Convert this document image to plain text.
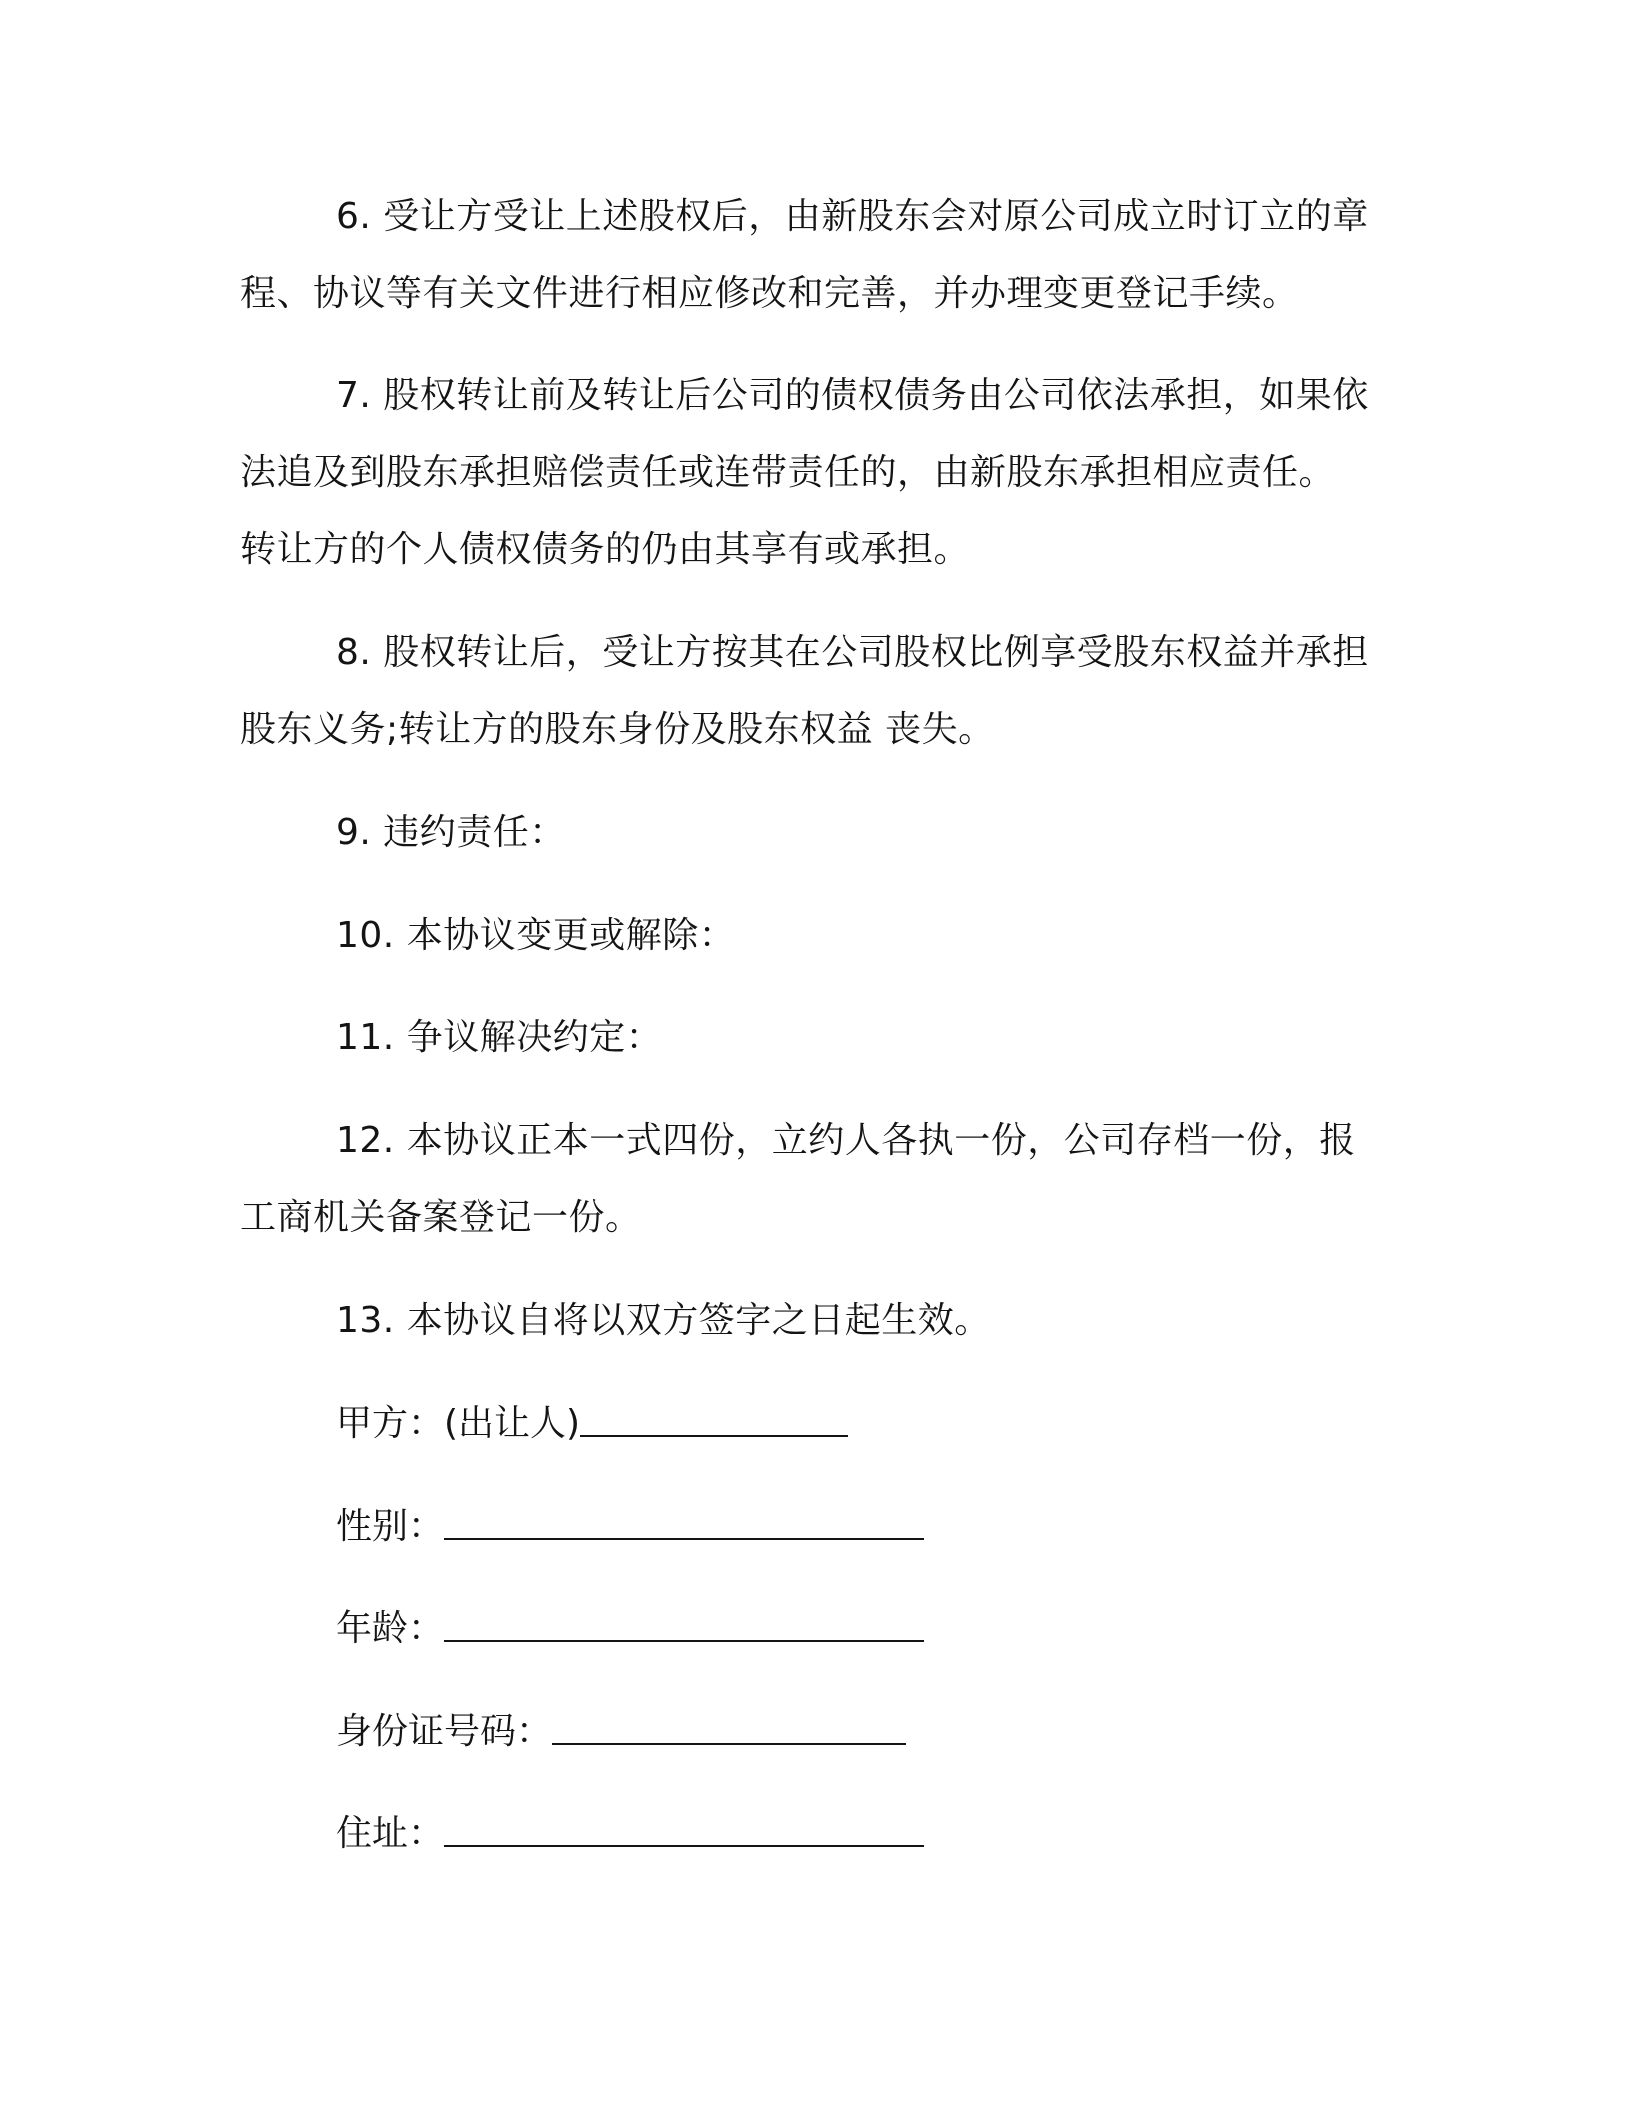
6. 受让方受让上述股权后，由新股东会对原公司成立时订立的章
程、协议等有关文件进行相应修改和完善，并办理变更登记手续。
7. 股权转让前及转让后公司的债权债务由公司依法承担，如果依
法追及到股东承担赔偿责任或连带责任的，由新股东承担相应责任。
转让方的个人债权债务的仍由其享有或承担。
8. 股权转让后，受让方按其在公司股权比例享受股东权益并承担
股东义务;转让方的股东身份及股东权益 丧失。
9. 违约责任：
10. 本协议变更或解除：
11. 争议解决约定：
12. 本协议正本一式四份，立约人各执一份，公司存档一份，报
工商机关备案登记一份。
13. 本协议自将以双方签字之日起生效。
甲方：(出让人)
性别：
年龄：
身份证号码：
住址：
